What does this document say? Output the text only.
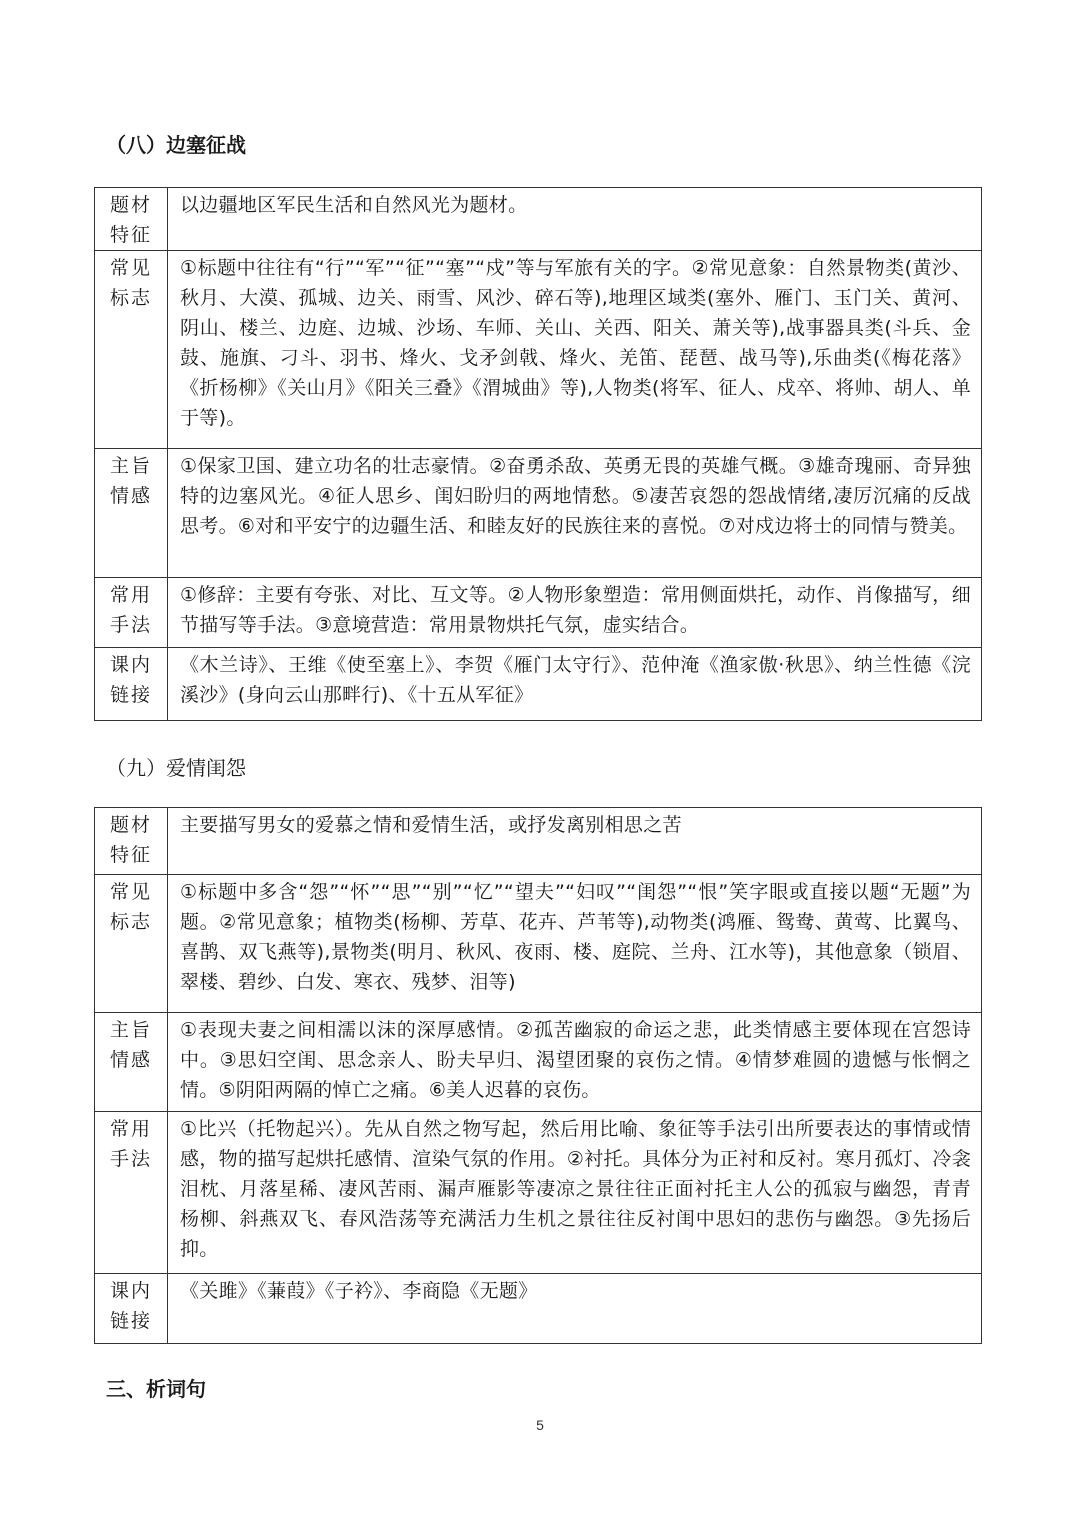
（八）边塞征战
题材特征	以边疆地区军民生活和自然风光为题材。

常见标志	①标题中往往有“行”“军”“征”“塞”“戍”等与军旅有关的字。②常见意象：自然景物类(黄沙、秋月、大漠、孤城、边关、雨雪、风沙、碎石等),地理区域类(塞外、雁门、玉门关、黄河、阴山、楼兰、边庭、边城、沙场、车师、关山、关西、阳关、萧关等),战事器具类(斗兵、金鼓、施旗、刁斗、羽书、烽火、戈矛剑戟、烽火、羌笛、琵琶、战马等),乐曲类(《梅花落》《折杨柳》《关山月》《阳关三叠》《渭城曲》等),人物类(将军、征人、戍卒、将帅、胡人、单于等)。

主旨情感	①保家卫国、建立功名的壮志豪情。②奋勇杀敌、英勇无畏的英雄气概。③雄奇瑰丽、奇异独特的边塞风光。④征人思乡、闺妇盼归的两地情愁。⑤凄苦哀怨的怨战情绪,凄厉沉痛的反战思考。⑥对和平安宁的边疆生活、和睦友好的民族往来的喜悦。⑦对戍边将士的同情与赞美。

常用手法	①修辞：主要有夸张、对比、互文等。②人物形象塑造：常用侧面烘托，动作、肖像描写，细节描写等手法。③意境营造：常用景物烘托气氛，虚实结合。

课内链接	《木兰诗》、王维《使至塞上》、李贺《雁门太守行》、范仲淹《渔家傲·秋思》、纳兰性德《浣溪沙》(身向云山那畔行)、《十五从军征》
（九）爱情闺怨
题材特征	主要描写男女的爱慕之情和爱情生活，或抒发离别相思之苦

常见标志	①标题中多含“怨”“怀”“思”“别”“忆”“望夫”“妇叹”“闺怨”“恨”笑字眼或直接以题“无题”为题。②常见意象；植物类(杨柳、芳草、花卉、芦苇等),动物类(鸿雁、鸳鸯、黄莺、比翼鸟、喜鹊、双飞燕等),景物类(明月、秋风、夜雨、楼、庭院、兰舟、江水等)，其他意象（锁眉、翠楼、碧纱、白发、寒衣、残梦、泪等)

主旨情感	①表现夫妻之间相濡以沫的深厚感情。②孤苦幽寂的命运之悲，此类情感主要体现在宫怨诗中。③思妇空闺、思念亲人、盼夫早归、渴望团聚的哀伤之情。④情梦难圆的遗憾与怅惘之情。⑤阴阳两隔的悼亡之痛。⑥美人迟暮的哀伤。

常用手法	①比兴（托物起兴）。先从自然之物写起，然后用比喻、象征等手法引出所要表达的事情或情感，物的描写起烘托感情、渲染气氛的作用。②衬托。具体分为正衬和反衬。寒月孤灯、冷衾泪枕、月落星稀、凄风苦雨、漏声雁影等凄凉之景往往正面衬托主人公的孤寂与幽怨，青青杨柳、斜燕双飞、春风浩荡等充满活力生机之景往往反衬闺中思妇的悲伤与幽怨。③先扬后抑。

课内链接	《关雎》《蒹葭》《子衿》、李商隐《无题》
三、析词句
5
